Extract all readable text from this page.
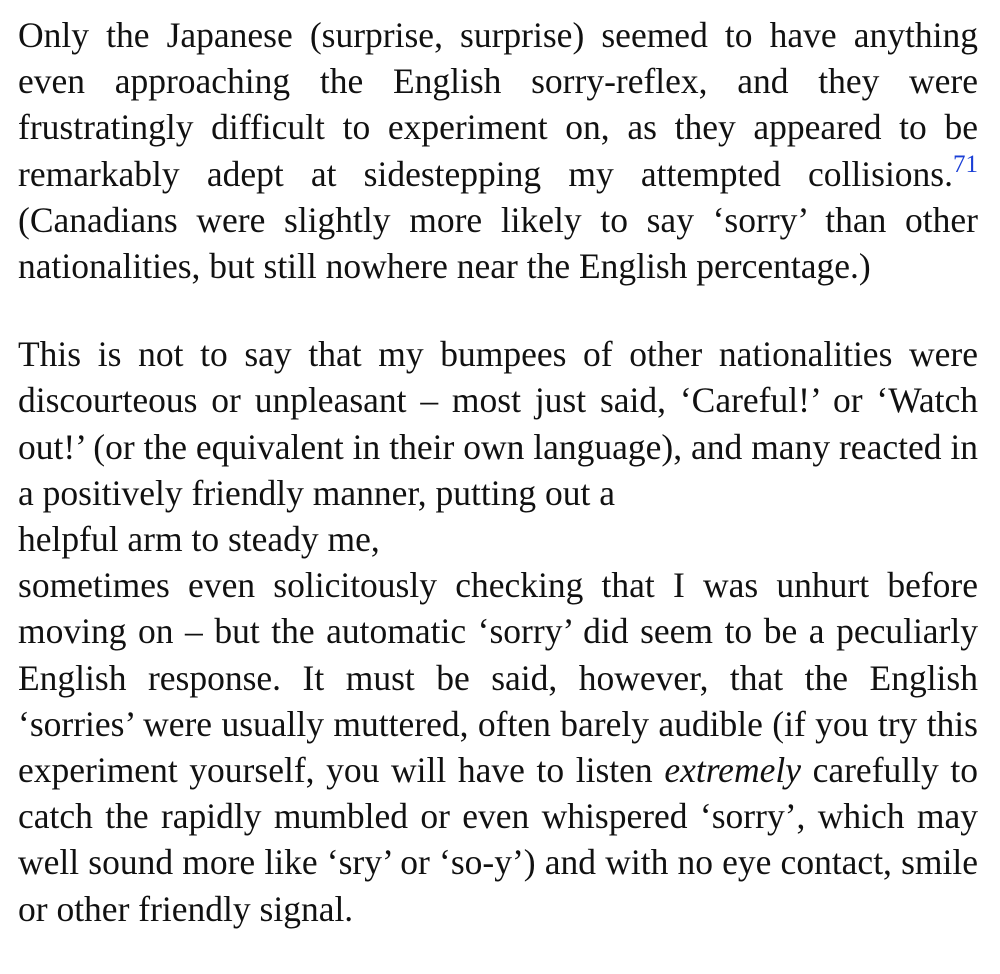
Only the Japanese (surprise, surprise) seemed to have anything even approaching the English sorry-reflex, and they were frustratingly difficult to experiment on, as they appeared to be remarkably adept at sidestepping my attempted collisions.$^{71}$ (Canadians were slightly more likely to say ‘sorry’ than other nationalities, but still nowhere near the English percentage.)

This is not to say that my bumpees of other nationalities were discourteous or unpleasant – most just said, ‘Careful!’ or ‘Watch out!’ (or the equivalent in their own language), and many reacted in a positively friendly manner, putting out a
helpful arm to steady me,
sometimes even solicitously checking that I was unhurt before moving on – but the automatic ‘sorry’ did seem to be a peculiarly English response. It must be said, however, that the English ‘sorries’ were usually muttered, often barely audible (if you try this experiment yourself, you will have to listen extremely carefully to catch the rapidly mumbled or even whispered ‘sorry’, which may well sound more like ‘sry’ or ‘so-y’) and with no eye contact, smile or other friendly signal.
